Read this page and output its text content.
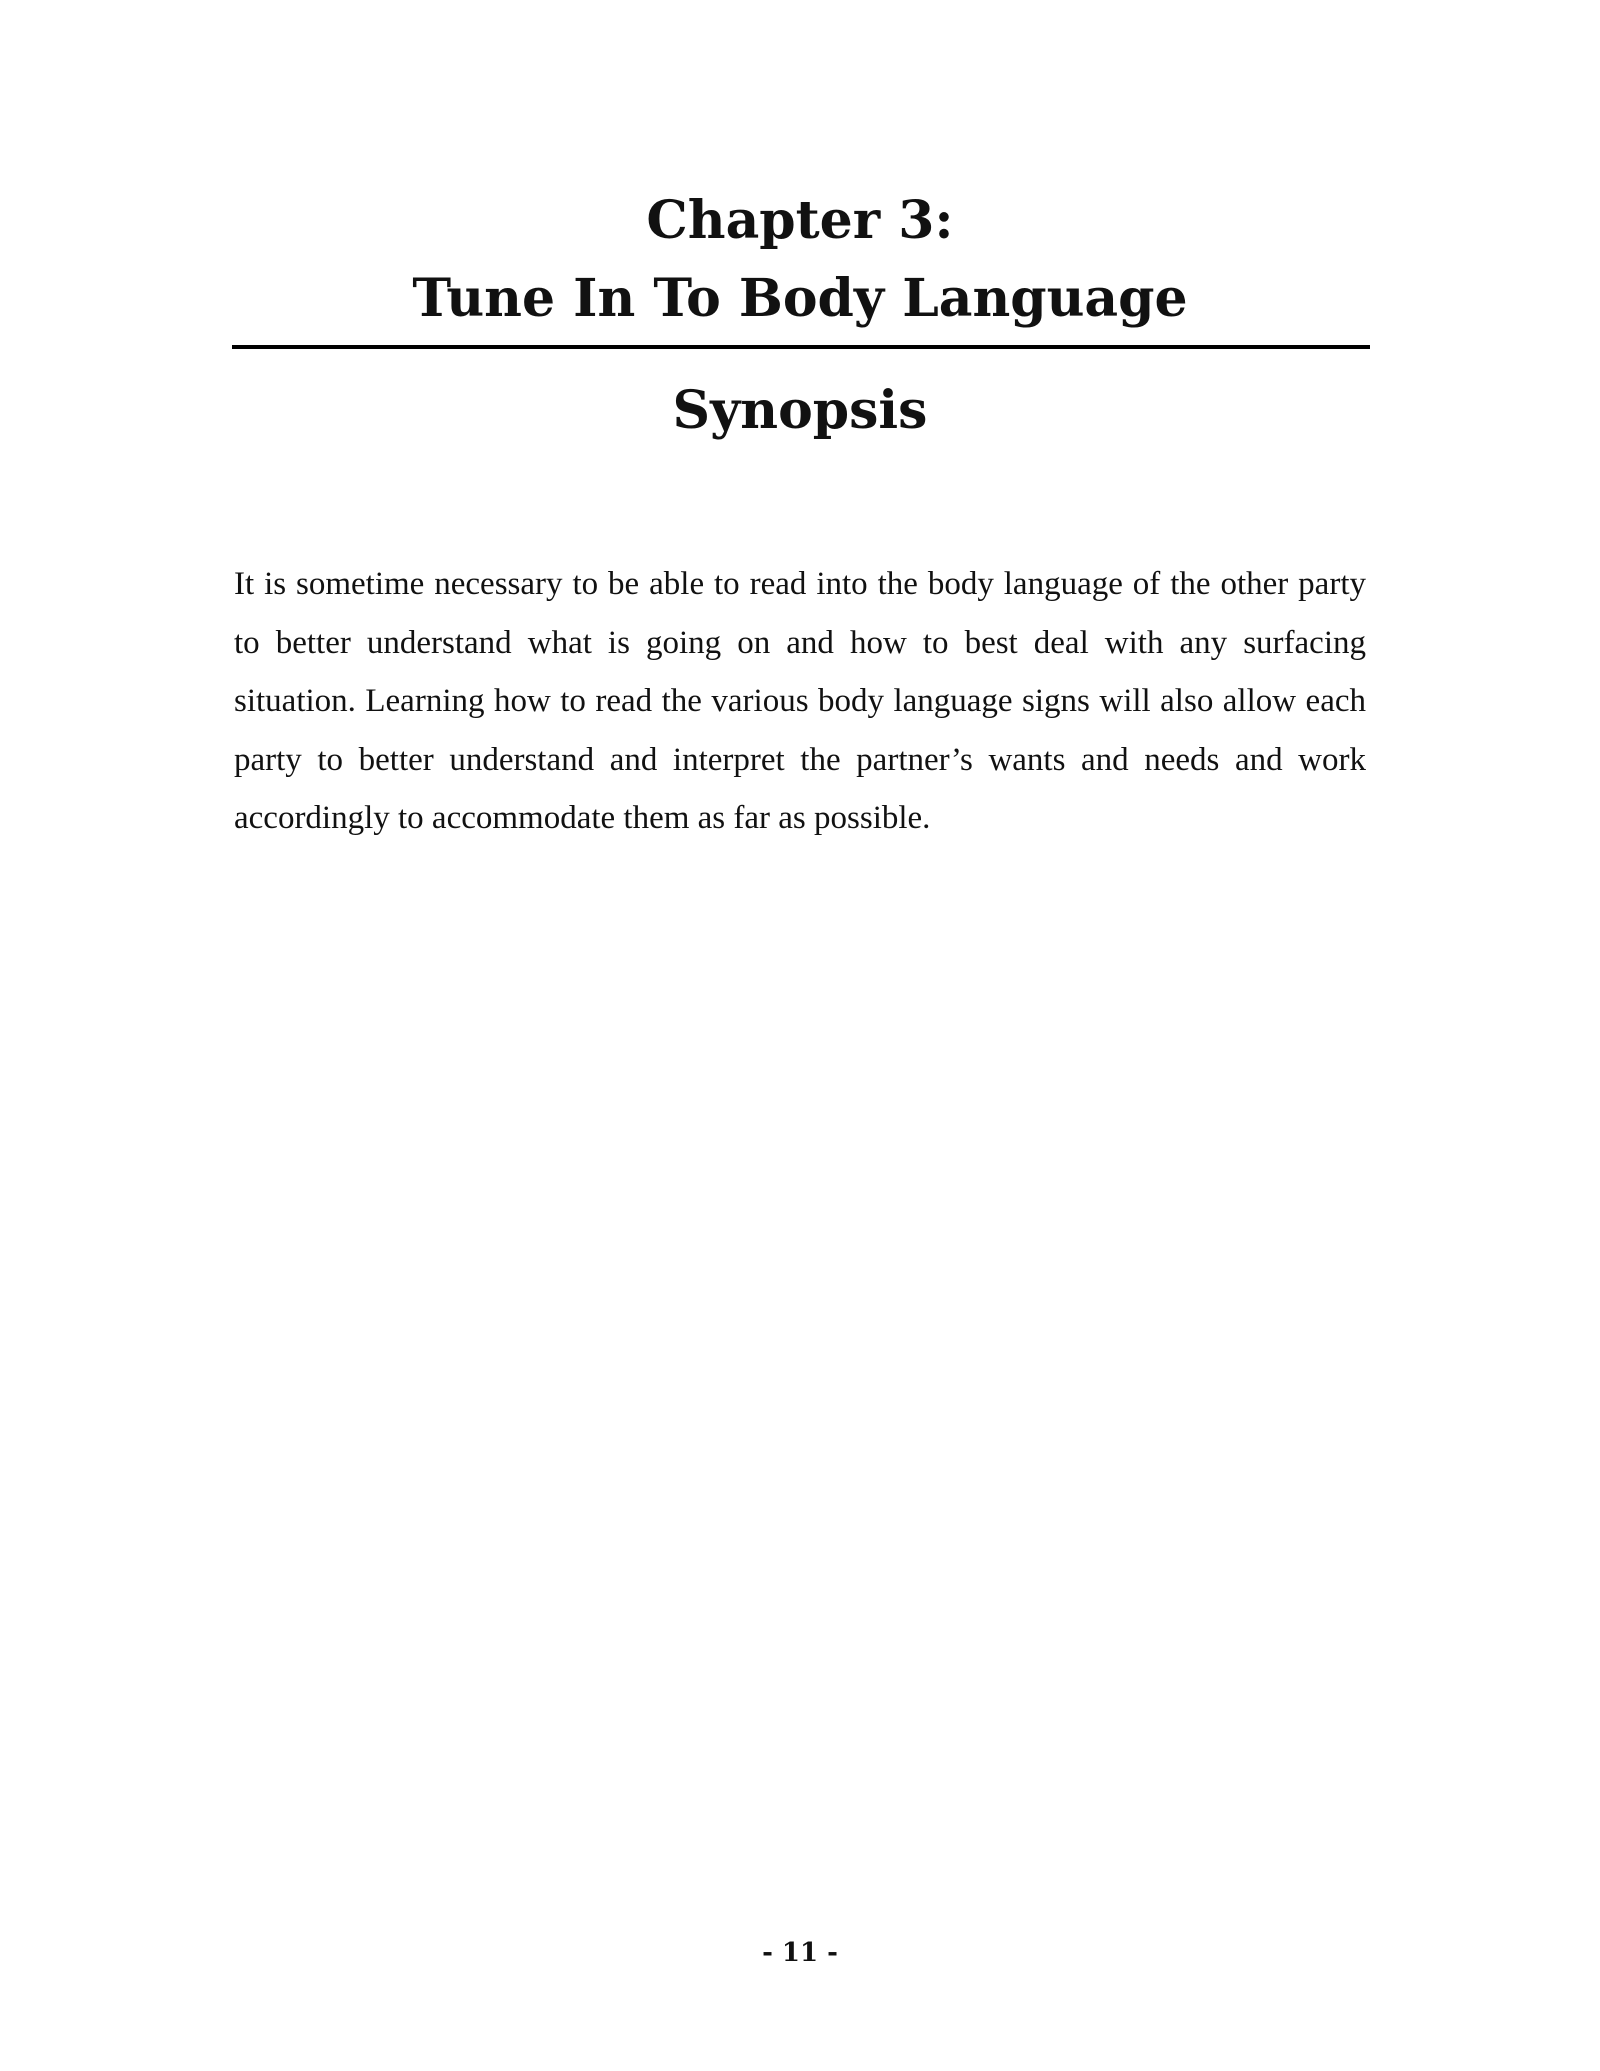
Chapter 3:
Tune In To Body Language
Synopsis

It is sometime necessary to be able to read into the body language of the other party to better understand what is going on and how to best deal with any surfacing situation. Learning how to read the various body language signs will also allow each party to better understand and interpret the partner’s wants and needs and work accordingly to accommodate them as far as possible.

- 11 -
